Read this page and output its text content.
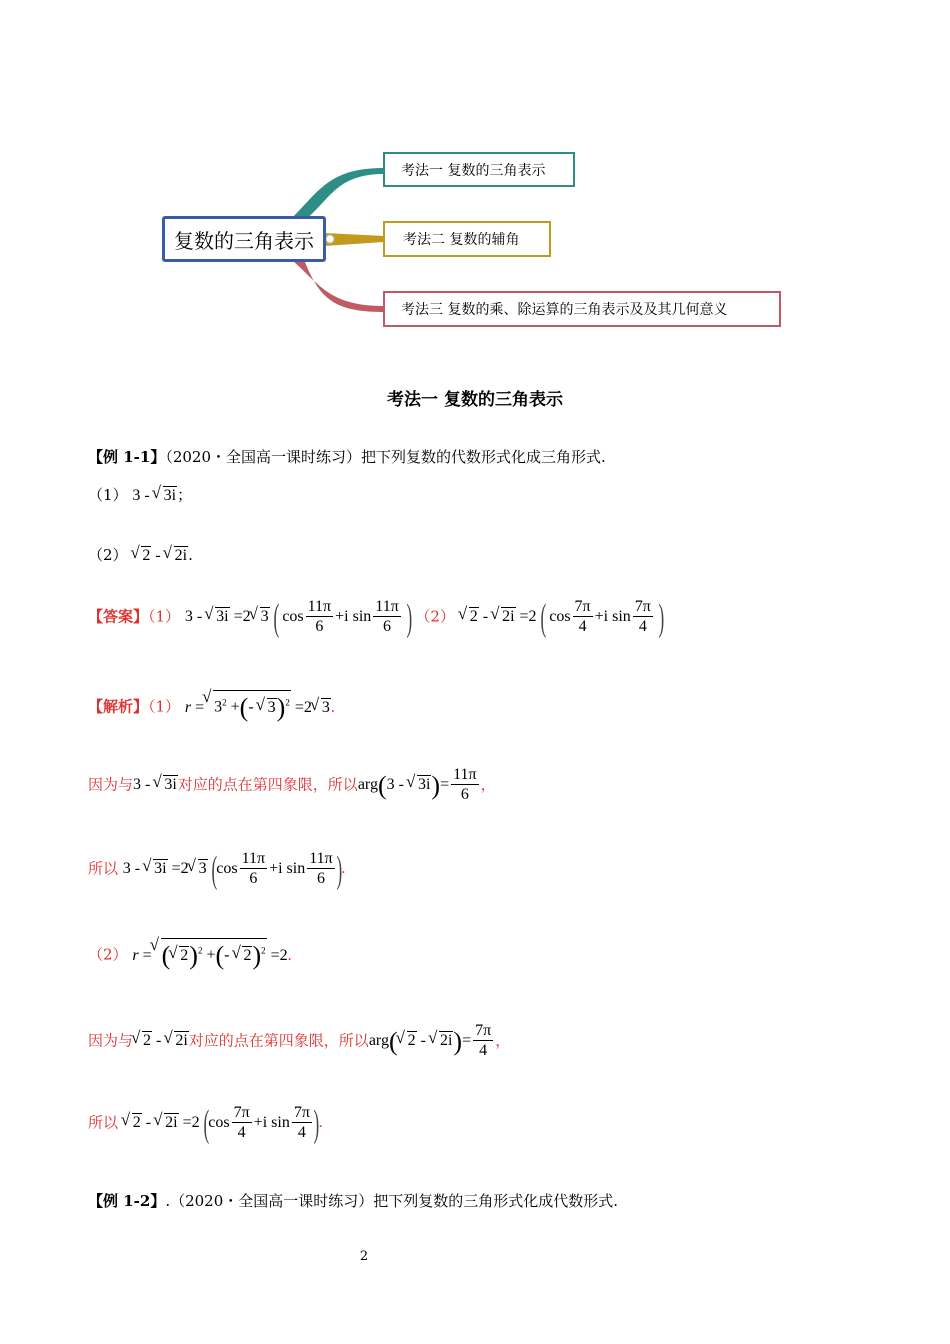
复数的三角表示
考法一 复数的三角表示
考法二 复数的辅角
考法三 复数的乘、除运算的三角表示及及其几何意义
考法一 复数的三角表示
【例 1-1】（2020・全国高一课时练习）把下列复数的代数形式化成三角形式.
（1） 3 - √ 3i；
（2） √ 2 - √ 2i.
【答案】（1） 3 - √ 3i =2 √ 3 ( $\cos \frac{11\pi}{6} +i$ $\sin \frac{11\pi}{6}$ ) （2） √ 2 - √ 2i =2 ( $\cos \frac{7\pi}{4} +i$ $\sin \frac{7\pi}{4}$ )
【解析】（1） r = √ $3^2$ +(- √ 3)$^2$ =2 √ 3.
因为与3 - √ 3i对应的点在第四象限，所以arg(3 - √ $3i)= \frac{11\pi}{6}$ ，
所以 3 - √ 3i =2 √ 3 ($\cos \frac{11\pi}{6} +i$ $\sin \frac{11\pi}{6}$ ).
（2） r = √ ( √ 2)$^2$ +(- √ 2)$^2$ =2.
因为与 √ 2 - √ 2i对应的点在第四象限，所以arg( √ 2 - √ $2i)= \frac{7\pi}{4}$ ，
所以 √ 2 - √ 2i =2 ($\cos \frac{7\pi}{4} +i$ $\sin \frac{7\pi}{4}$ ).
【例 1-2】.（2020・全国高一课时练习）把下列复数的三角形式化成代数形式.
2
